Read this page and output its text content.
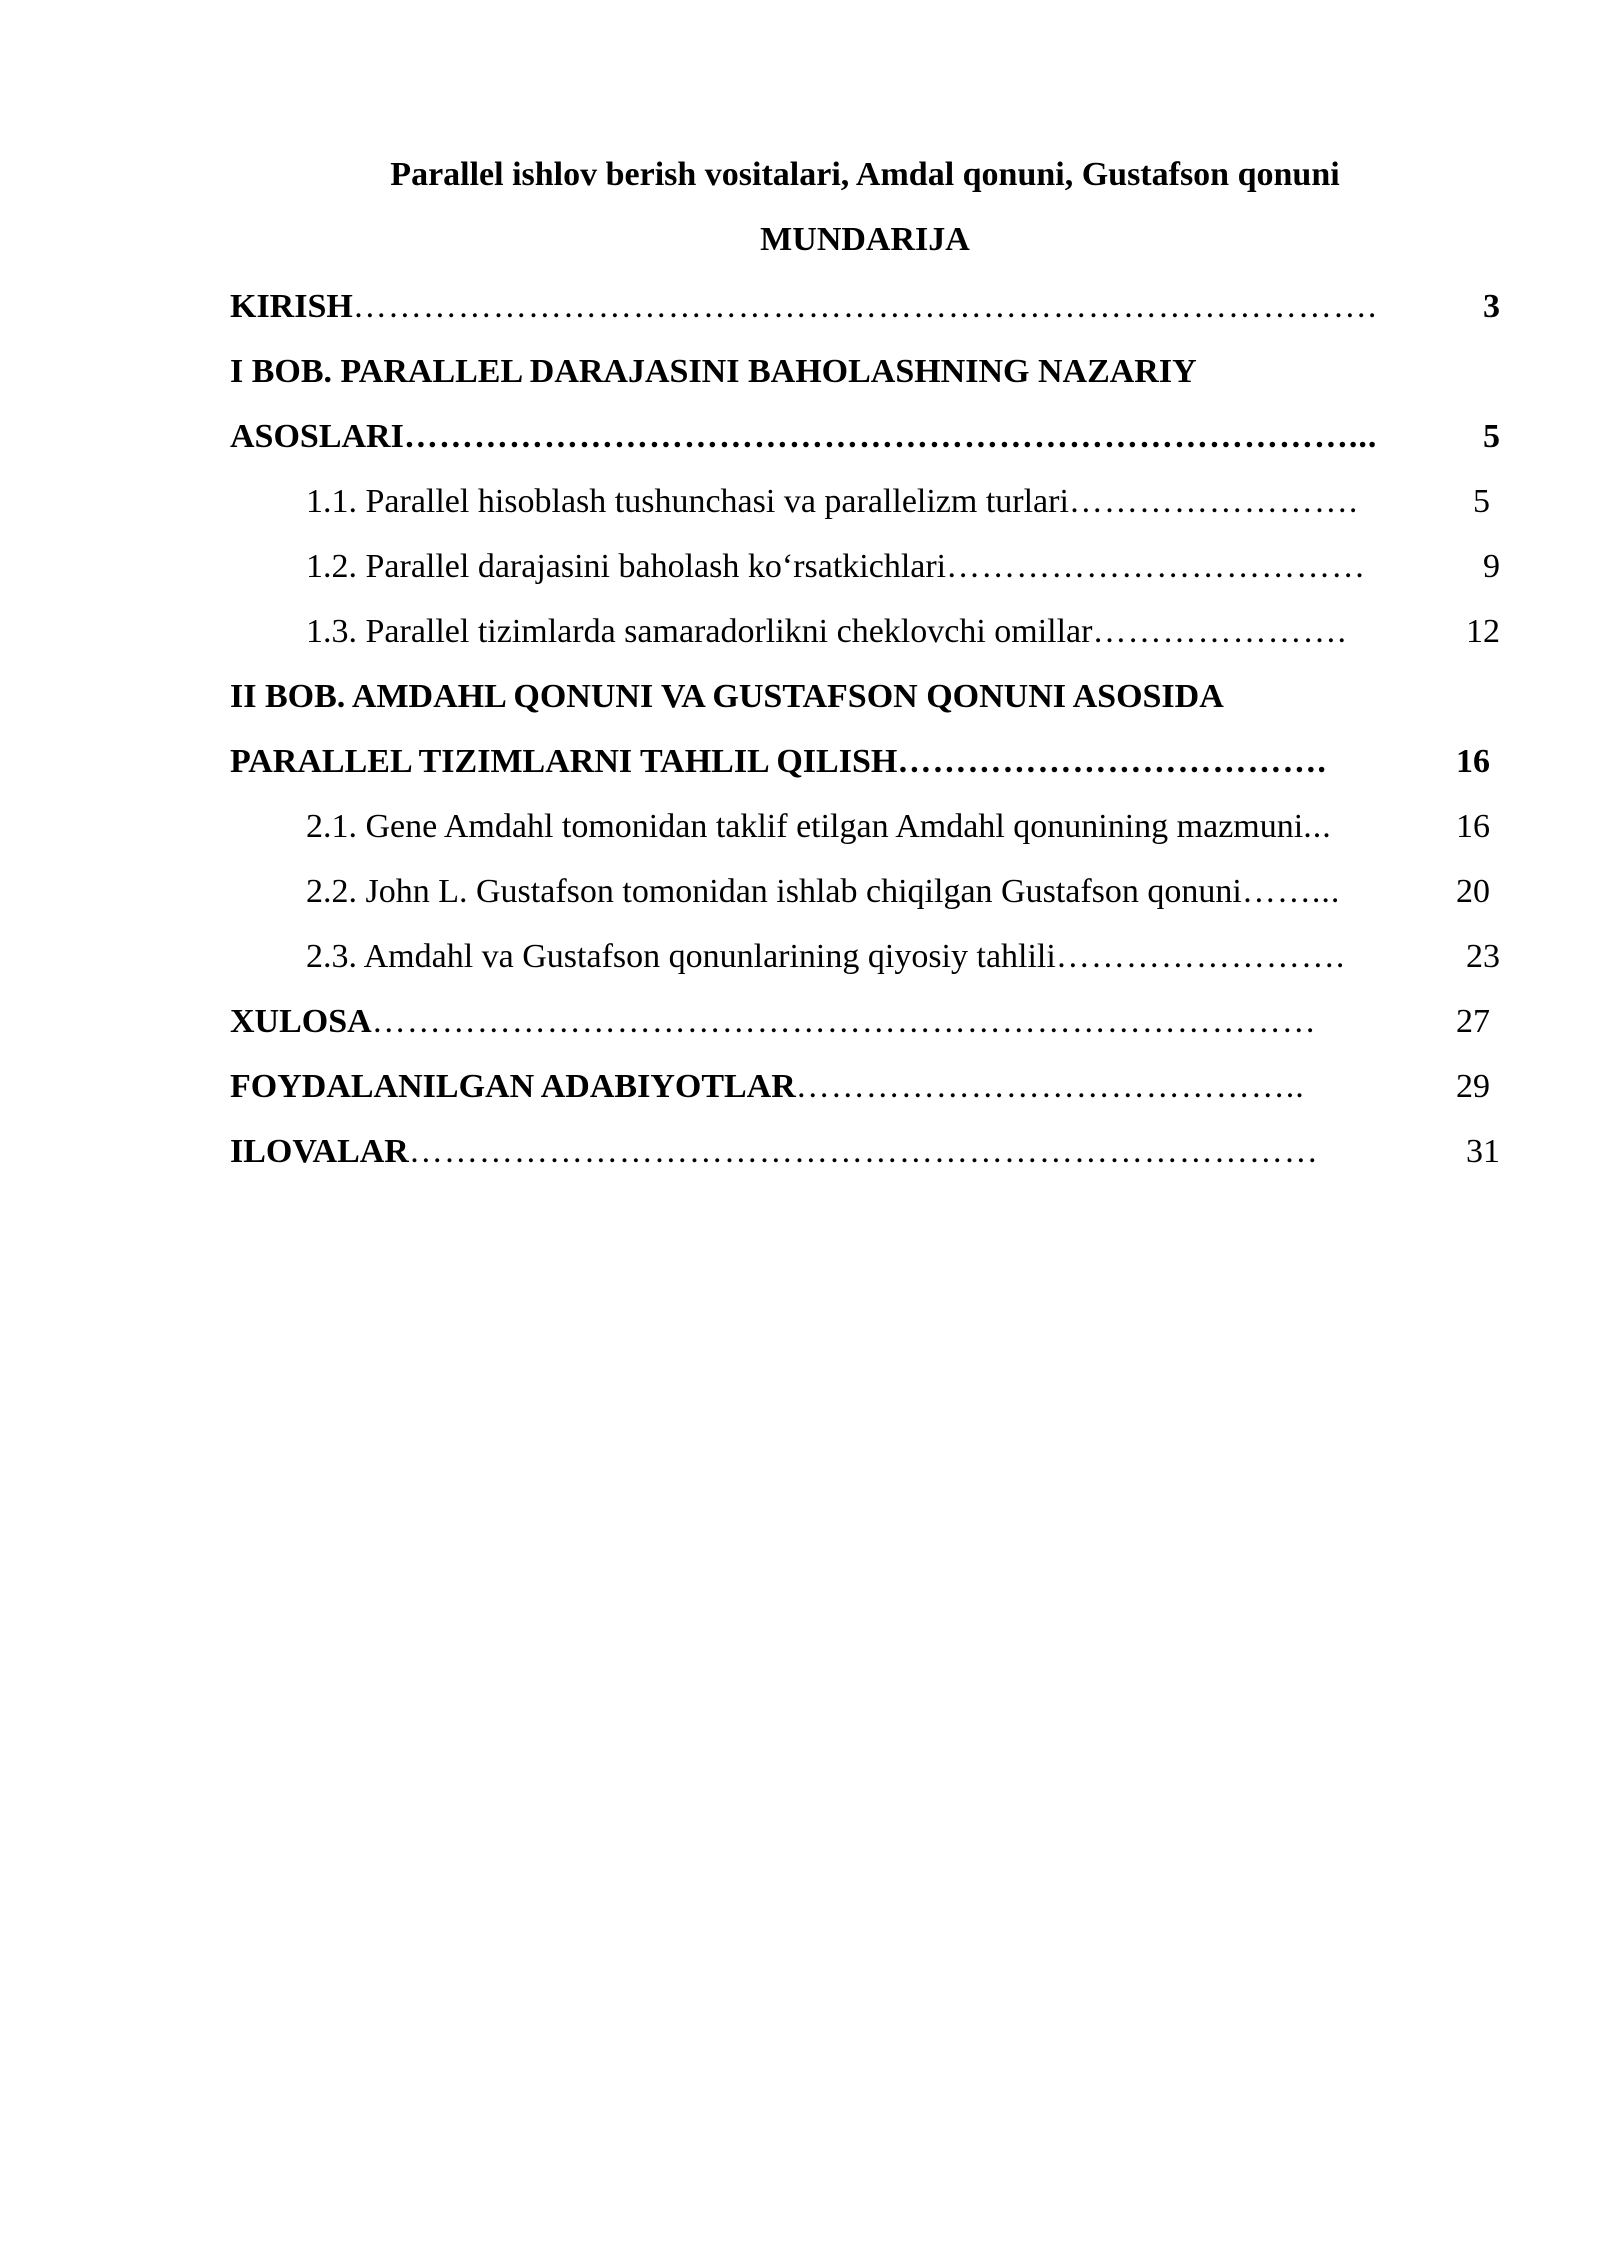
Parallel ishlov berish vositalari, Amdal qonuni, Gustafson qonuni
MUNDARIJA
KIRISH	3
…………………………………………………………………………….
I BOB. PARALLEL DARAJASINI BAHOLASHNING NAZARIY
ASOSLARI	5
………………………………………………………………………...
1.1. Parallel hisoblash tushunchasi va parallelizm turlari	5
…………………….
1.2. Parallel darajasini baholash ko‘rsatkichlari	9
………………………………
1.3. Parallel tizimlarda samaradorlikni cheklovchi omillar	12
………………….
II BOB. AMDAHL QONUNI VA GUSTAFSON QONUNI ASOSIDA
PARALLEL TIZIMLARNI TAHLIL QILISH	16
……………………………….
2.1. Gene Amdahl tomonidan taklif etilgan Amdahl qonunining mazmuni	16
...
2.2. John L. Gustafson tomonidan ishlab chiqilgan Gustafson qonuni	20
……...
2.3. Amdahl va Gustafson qonunlarining qiyosiy tahlili	23
…………………….
XULOSA	27
………………………………………………………………………
FOYDALANILGAN ADABIYOTLAR	29
……………………………………..
ILOVALAR	31
……………………………………………………………………
